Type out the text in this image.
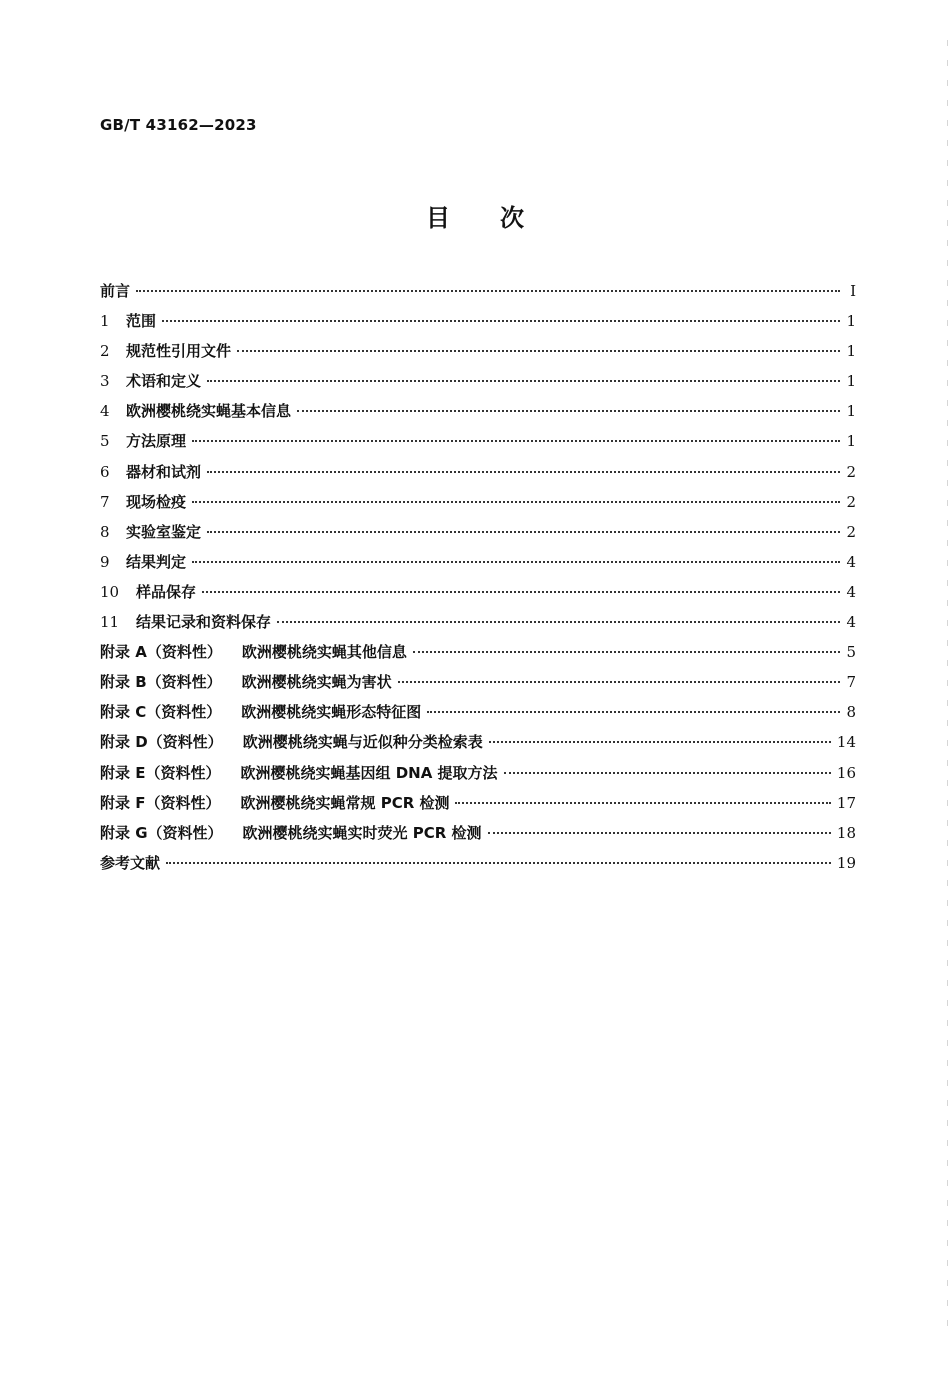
GB/T 43162—2023
目次
前言	I
1 范围	1
2 规范性引用文件	1
3 术语和定义	1
4 欧洲樱桃绕实蝇基本信息	1
5 方法原理	1
6 器材和试剂	2
7 现场检疫	2
8 实验室鉴定	2
9 结果判定	4
10 样品保存	4
11 结果记录和资料保存	4
附录 A（资料性） 欧洲樱桃绕实蝇其他信息	5
附录 B（资料性） 欧洲樱桃绕实蝇为害状	7
附录 C（资料性） 欧洲樱桃绕实蝇形态特征图	8
附录 D（资料性） 欧洲樱桃绕实蝇与近似种分类检索表	14
附录 E（资料性） 欧洲樱桃绕实蝇基因组 DNA 提取方法	16
附录 F（资料性） 欧洲樱桃绕实蝇常规 PCR 检测	17
附录 G（资料性） 欧洲樱桃绕实蝇实时荧光 PCR 检测	18
参考文献	19
